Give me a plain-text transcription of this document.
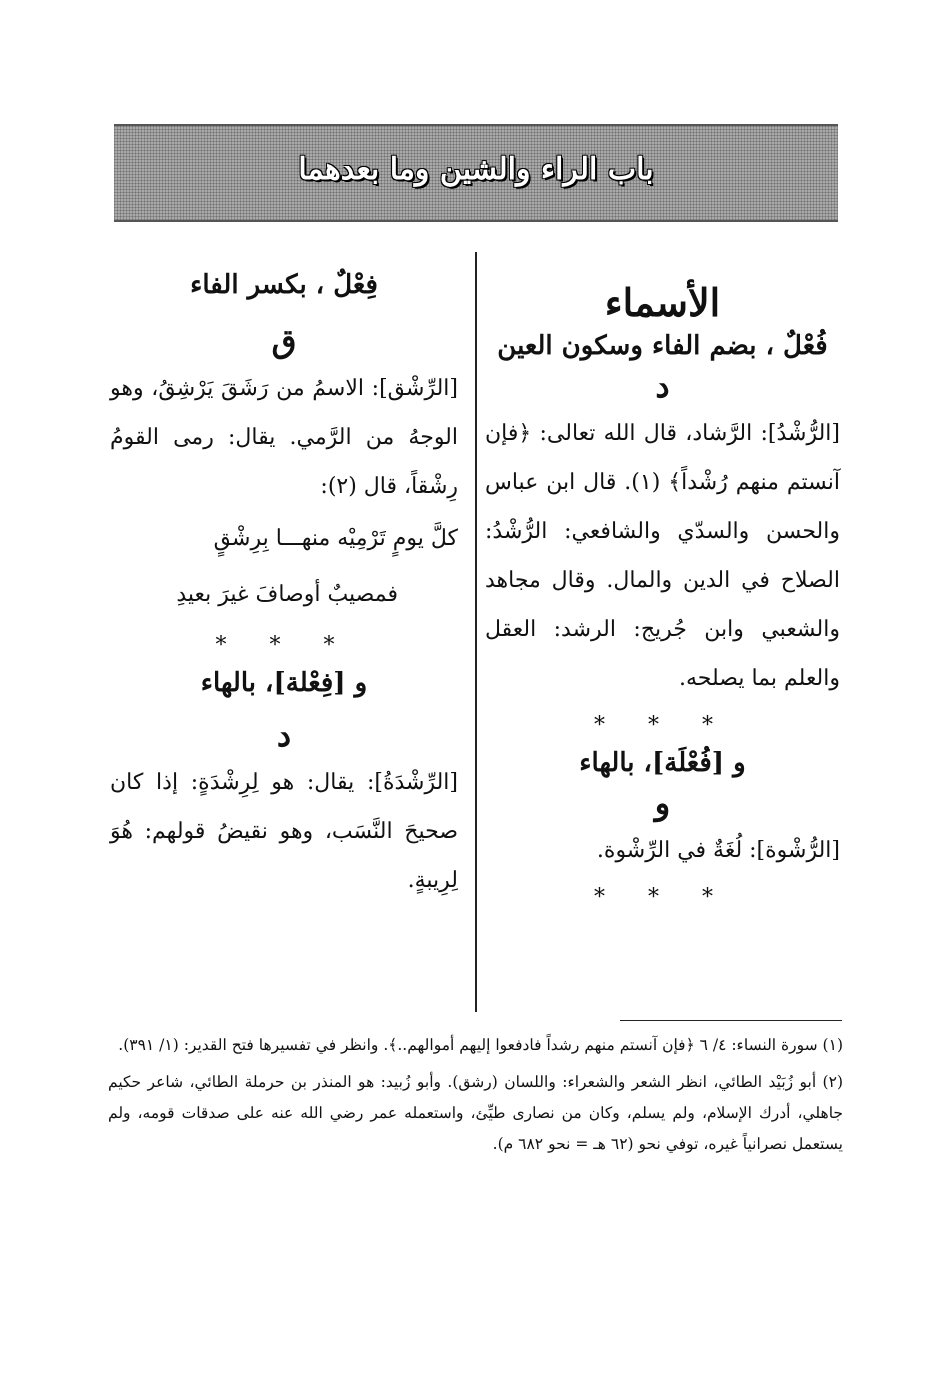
باب الراء والشين وما بعدهما
الأسماء
فُعْلٌ ، بضم الفاء وسكون العين
د

[الرُّشْدُ]: الرَّشاد، قال الله تعالى: ﴿فإن آنستم منهم رُشْداً﴾ (١). قال ابن عباس والحسن والسدّي والشافعي: الرُّشْدُ: الصلاح في الدين والمال. وقال مجاهد والشعبي وابن جُريج: الرشد: العقل والعلم بما يصلحه.

* * *
و [فُعْلَة]، بالهاء
و

[الرُّشْوة]: لُغَةٌ في الرِّشْوة.

* * *
فِعْلٌ ، بكسر الفاء
ق

[الرِّشْق]: الاسمُ من رَشَقَ يَرْشِقُ، وهو الوجهُ من الرَّمي. يقال: رمى القومُ رِشْقاً، قال (٢):

كلَّ يومٍ تَرْمِيْه منهـــا بِرِشْقٍ

فمصيبٌ أوصافَ غيرَ بعيدِ

* * *
و [فِعْلة]، بالهاء
د

[الرِّشْدَةُ]: يقال: هو لِرِشْدَةٍ: إذا كان صحيحَ النَّسَب، وهو نقيضُ قولهم: هُوَ لِرِيبةٍ.

(١) سورة النساء: ٤/ ٦ ﴿فإن آنستم منهم رشداً فادفعوا إليهم أموالهم..﴾. وانظر في تفسيرها فتح القدير: (١/ ٣٩١).

(٢) أبو زُبَيْد الطائي، انظر الشعر والشعراء: واللسان (رشق). وأبو زُبيد: هو المنذر بن حرملة الطائي، شاعر حكيم جاهلي، أدرك الإسلام، ولم يسلم، وكان من نصارى طيِّئ، واستعمله عمر رضي الله عنه على صدقات قومه، ولم يستعمل نصرانياً غيره، توفي نحو (٦٢ هـ = نحو ٦٨٢ م).
